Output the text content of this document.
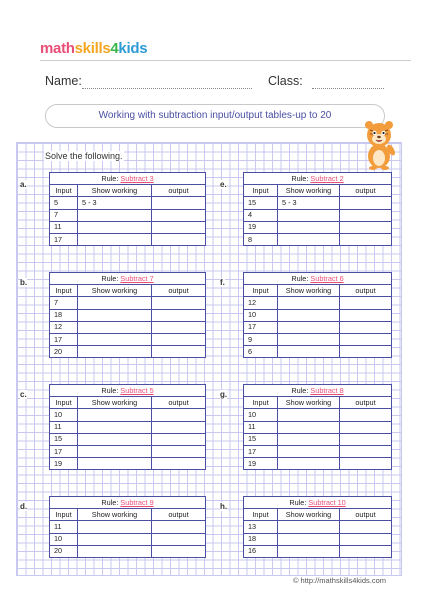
mathskills4kids
Name:	Class:
Working with subtraction input/output tables-up to 20
Solve the following.
a.
Rule: Subtract 3		
Input	Show working	output
5	5 - 3	
7		
11		
17		
b.	Rule: Subtract 7		
Input	Show working	output
7		
18		
12		
17		
20		
c.	Rule: Subtract 5		
Input	Show working	output
10		
11		
15		
17		
19		
d.	Rule: Subtract 9		
Input	Show working	output
11		
10		
20		
e.
Rule: Subtract 2		
Input	Show working	output
15	5 - 3	
4		
19		
8		
f.	Rule: Subtract 6		
Input	Show working	output
12		
10		
17		
9		
6		
g.	Rule: Subtract 8		
Input	Show working	output
10		
11		
15		
17		
19		
h.	Rule: Subtract 10		
Input	Show working	output
13		
18		
16		
© http://mathskills4kids.com
